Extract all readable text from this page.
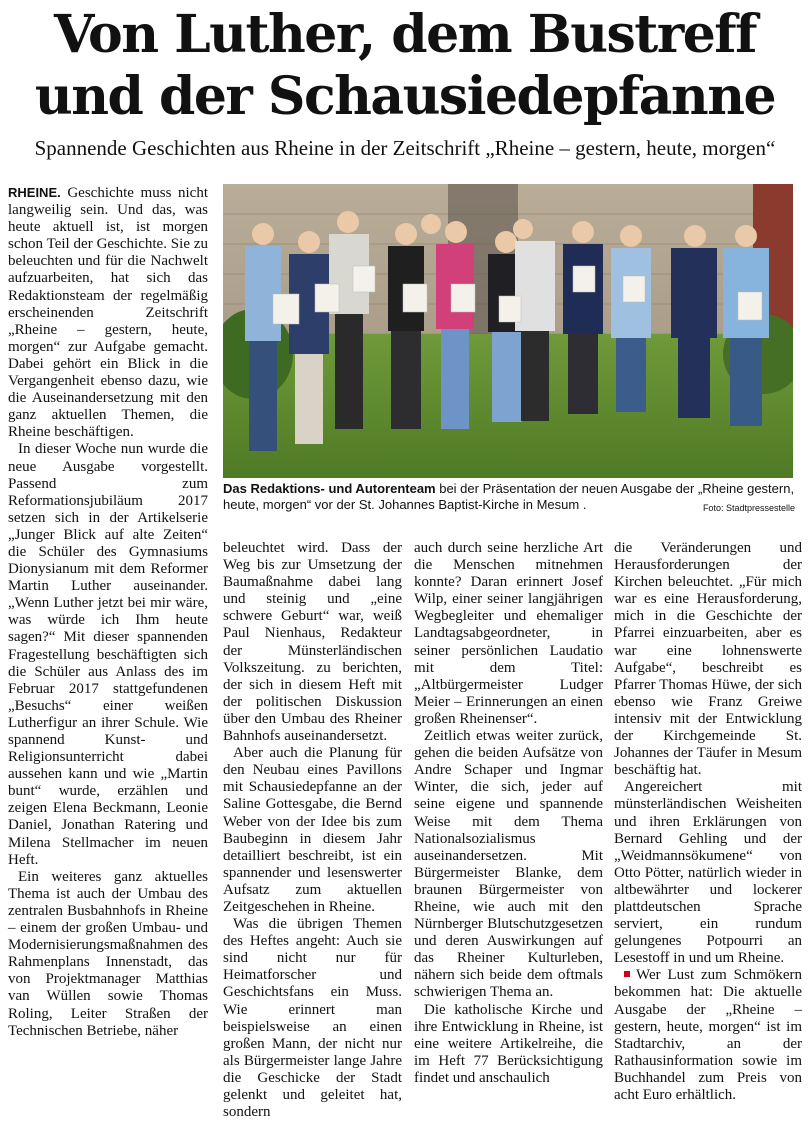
Von Luther, dem Bustreff
und der Schausiedepfanne
Spannende Geschichten aus Rheine in der Zeitschrift „Rheine – gestern, heute, morgen“

RHEINE. Geschichte muss nicht langweilig sein. Und das, was heute aktuell ist, ist morgen schon Teil der Geschichte. Sie zu beleuchten und für die Nachwelt aufzuarbeiten, hat sich das Redaktionsteam der regelmäßig erscheinenden Zeitschrift „Rheine – gestern, heute, morgen“ zur Aufgabe gemacht. Dabei gehört ein Blick in die Vergangenheit ebenso dazu, wie die Auseinandersetzung mit den ganz aktuellen Themen, die Rheine beschäftigen.

In dieser Woche nun wurde die neue Ausgabe vorgestellt. Passend zum Reformationsjubiläum 2017 setzen sich in der Artikelserie „Junger Blick auf alte Zeiten“ die Schüler des Gymnasiums Dionysianum mit dem Reformer Martin Luther auseinander. „Wenn Luther jetzt bei mir wäre, was würde ich Ihm heute sagen?“ Mit dieser spannenden Fragestellung beschäftigten sich die Schüler aus Anlass des im Februar 2017 stattgefundenen „Besuchs“ einer weißen Lutherfigur an ihrer Schule. Wie spannend Kunst- und Religionsunterricht dabei aussehen kann und wie „Martin bunt“ wurde, erzählen und zeigen Elena Beckmann, Leonie Daniel, Jonathan Ratering und Milena Stellmacher im neuen Heft.

Ein weiteres ganz aktuelles Thema ist auch der Umbau des zentralen Busbahnhofs in Rheine – einem der großen Umbau- und Modernisierungsmaßnahmen des Rahmenplans Innenstadt, das von Projektmanager Matthias van Wüllen sowie Thomas Roling, Leiter Straßen der Technischen Betriebe, näher

Das Redaktions- und Autorenteam bei der Präsentation der neuen Ausgabe der „Rheine gestern, heute, morgen“ vor der St. Johannes Baptist-Kirche in Mesum .	Foto: Stadtpressestelle

beleuchtet wird. Dass der Weg bis zur Umsetzung der Baumaßnahme dabei lang und steinig und „eine schwere Geburt“ war, weiß Paul Nienhaus, Redakteur der Münsterländischen Volkszeitung. zu berichten, der sich in diesem Heft mit der politischen Diskussion über den Umbau des Rheiner Bahnhofs auseinandersetzt.

Aber auch die Planung für den Neubau eines Pavillons mit Schausiedepfanne an der Saline Gottesgabe, die Bernd Weber von der Idee bis zum Baubeginn in diesem Jahr detailliert beschreibt, ist ein spannender und lesenswerter Aufsatz zum aktuellen Zeitgeschehen in Rheine.

Was die übrigen Themen des Heftes angeht: Auch sie sind nicht nur für Heimatforscher und Geschichtsfans ein Muss. Wie erinnert man beispielsweise an einen großen Mann, der nicht nur als Bürgermeister lange Jahre die Geschicke der Stadt gelenkt und geleitet hat, sondern

auch durch seine herzliche Art die Menschen mitnehmen konnte? Daran erinnert Josef Wilp, einer seiner langjährigen Wegbegleiter und ehemaliger Landtagsabgeordneter, in seiner persönlichen Laudatio mit dem Titel: „Altbürgermeister Ludger Meier – Erinnerungen an einen großen Rheinenser“.

Zeitlich etwas weiter zurück, gehen die beiden Aufsätze von Andre Schaper und Ingmar Winter, die sich, jeder auf seine eigene und spannende Weise mit dem Thema Nationalsozialismus auseinandersetzen. Mit Bürgermeister Blanke, dem braunen Bürgermeister von Rheine, wie auch mit den Nürnberger Blutschutzgesetzen und deren Auswirkungen auf das Rheiner Kulturleben, nähern sich beide dem oftmals schwierigen Thema an.

Die katholische Kirche und ihre Entwicklung in Rheine, ist eine weitere Artikelreihe, die im Heft 77 Berücksichtigung findet und anschaulich

die Veränderungen und Herausforderungen der Kirchen beleuchtet. „Für mich war es eine Herausforderung, mich in die Geschichte der Pfarrei einzuarbeiten, aber es war eine lohnenswerte Aufgabe“, beschreibt es Pfarrer Thomas Hüwe, der sich ebenso wie Franz Greiwe intensiv mit der Entwicklung der Kirchgemeinde St. Johannes der Täufer in Mesum beschäftig hat.

Angereichert mit münsterländischen Weisheiten und ihren Erklärungen von Bernard Gehling und der „Weidmannsökumene“ von Otto Pötter, natürlich wieder in altbewährter und lockerer plattdeutschen Sprache serviert, ein rundum gelungenes Potpourri an Lesestoff in und um Rheine.

Wer Lust zum Schmökern bekommen hat: Die aktuelle Ausgabe der „Rheine – gestern, heute, morgen“ ist im Stadtarchiv, an der Rathausinformation sowie im Buchhandel zum Preis von acht Euro erhältlich.
